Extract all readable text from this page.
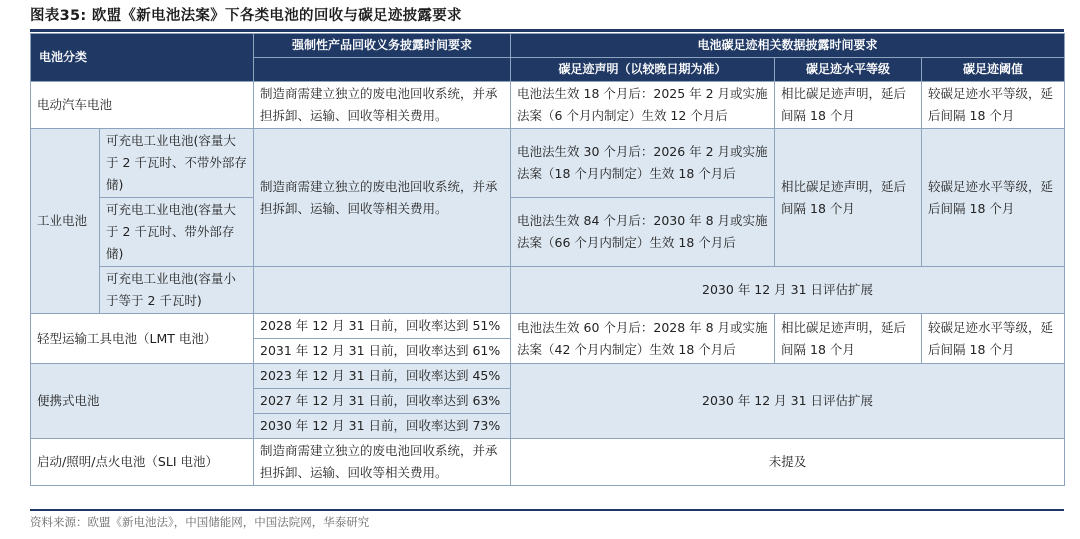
图表35: 欧盟《新电池法案》下各类电池的回收与碳足迹披露要求
电池分类		强制性产品回收义务披露时间要求	电池碳足迹相关数据披露时间要求		
			碳足迹声明（以较晚日期为准）	碳足迹水平等级	碳足迹阈值
电动汽车电池		制造商需建立独立的废电池回收系统，并承担拆卸、运输、回收等相关费用。	电池法生效 18 个月后：2025 年 2 月或实施法案（6 个月内制定）生效 12 个月后	相比碳足迹声明，延后间隔 18 个月	较碳足迹水平等级，延后间隔 18 个月
工业电池	可充电工业电池(容量大于 2 千瓦时、不带外部存储)	制造商需建立独立的废电池回收系统，并承担拆卸、运输、回收等相关费用。	电池法生效 30 个月后：2026 年 2 月或实施法案（18 个月内制定）生效 18 个月后	相比碳足迹声明，延后间隔 18 个月	较碳足迹水平等级，延后间隔 18 个月
	可充电工业电池(容量大于 2 千瓦时、带外部存储)		电池法生效 84 个月后：2030 年 8 月或实施法案（66 个月内制定）生效 18 个月后		
	可充电工业电池(容量小于等于 2 千瓦时)		2030 年 12 月 31 日评估扩展		
轻型运输工具电池（LMT 电池）		2028 年 12 月 31 日前，回收率达到 51%	电池法生效 60 个月后：2028 年 8 月或实施法案（42 个月内制定）生效 18 个月后	相比碳足迹声明，延后间隔 18 个月	较碳足迹水平等级，延后间隔 18 个月
		2031 年 12 月 31 日前，回收率达到 61%			
便携式电池		2023 年 12 月 31 日前，回收率达到 45%	2030 年 12 月 31 日评估扩展		
		2027 年 12 月 31 日前，回收率达到 63%			
		2030 年 12 月 31 日前，回收率达到 73%			
启动/照明/点火电池（SLI 电池）		制造商需建立独立的废电池回收系统，并承担拆卸、运输、回收等相关费用。	未提及		
资料来源：欧盟《新电池法》，中国储能网，中国法院网，华泰研究
